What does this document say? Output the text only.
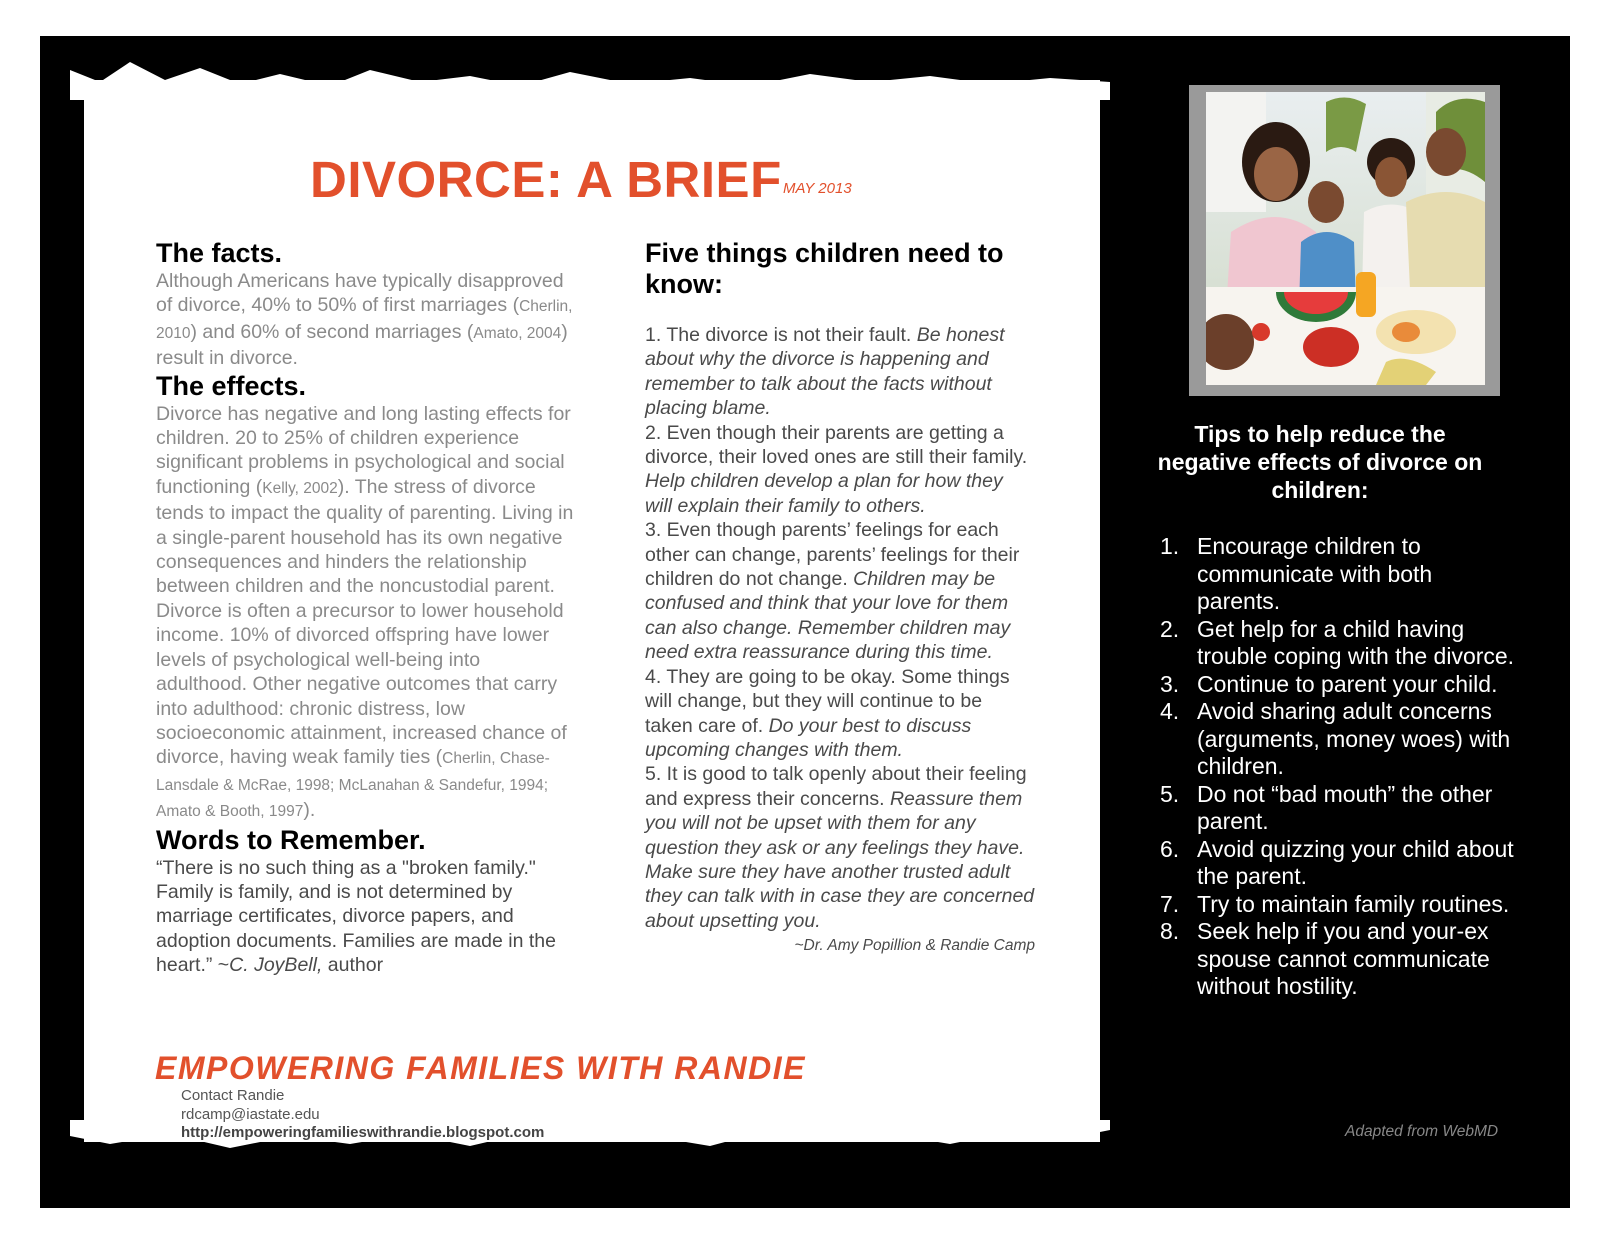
DIVORCE: A BRIEF MAY 2013
The facts.

Although Americans have typically disapproved of divorce, 40% to 50% of first marriages (Cherlin, 2010) and 60% of second marriages (Amato, 2004) result in divorce.

The effects.

Divorce has negative and long lasting effects for children. 20 to 25% of children experience significant problems in psychological and social functioning (Kelly, 2002). The stress of divorce tends to impact the quality of parenting. Living in a single-parent household has its own negative consequences and hinders the relationship between children and the noncustodial parent. Divorce is often a precursor to lower household income. 10% of divorced offspring have lower levels of psychological well-being into adulthood. Other negative outcomes that carry into adulthood: chronic distress, low socioeconomic attainment, increased chance of divorce, having weak family ties (Cherlin, Chase-Lansdale & McRae, 1998; McLanahan & Sandefur, 1994; Amato & Booth, 1997).

Words to Remember.

“There is no such thing as a "broken family." Family is family, and is not determined by marriage certificates, divorce papers, and adoption documents. Families are made in the heart.” ~C. JoyBell, author

Five things children need to know:

1. The divorce is not their fault. Be honest about why the divorce is happening and remember to talk about the facts without placing blame.

2. Even though their parents are getting a divorce, their loved ones are still their family. Help children develop a plan for how they will explain their family to others.

3. Even though parents’ feelings for each other can change, parents’ feelings for their children do not change. Children may be confused and think that your love for them can also change. Remember children may need extra reassurance during this time.

4. They are going to be okay. Some things will change, but they will continue to be taken care of. Do your best to discuss upcoming changes with them.

5. It is good to talk openly about their feeling and express their concerns. Reassure them you will not be upset with them for any question they ask or any feelings they have. Make sure they have another trusted adult they can talk with in case they are concerned about upsetting you.

~Dr. Amy Popillion & Randie Camp
EMPOWERING FAMILIES WITH RANDIE
Contact Randie
rdcamp@iastate.edu
http://empoweringfamilieswithrandie.blogspot.com
Tips to help reduce the negative effects of divorce on children:
1. Encourage children to communicate with both parents.
2. Get help for a child having trouble coping with the divorce.
3. Continue to parent your child.
4. Avoid sharing adult concerns (arguments, money woes) with children.
5. Do not “bad mouth” the other parent.
6. Avoid quizzing your child about the parent.
7. Try to maintain family routines.
8. Seek help if you and your-ex spouse cannot communicate without hostility.
Adapted from WebMD
